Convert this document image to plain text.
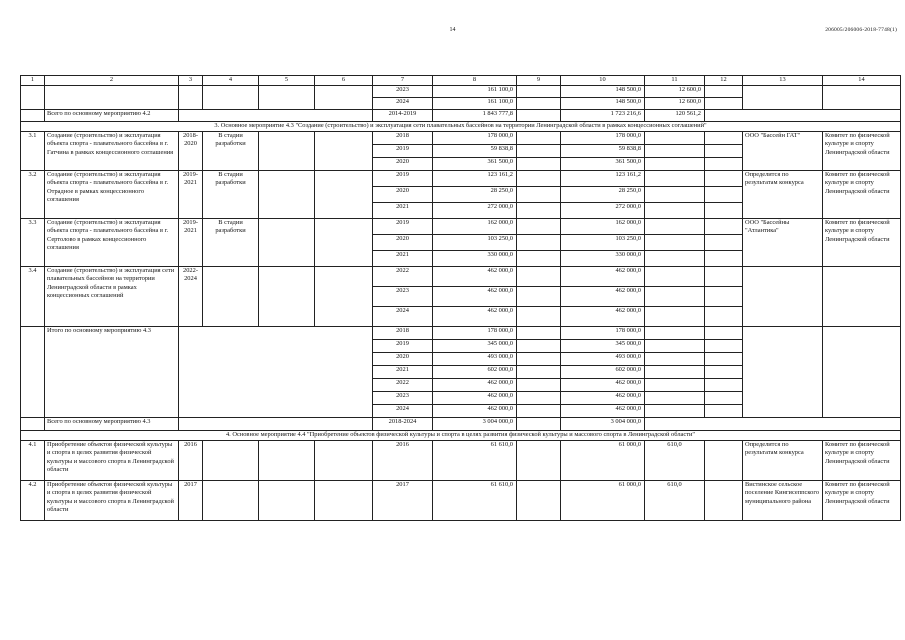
14	206005/206006-2018-7748(1)
1	2	3	4	5	6	7	8	9	10	11	12	13	14
						2023	161 100,0		148 500,0	12 600,0			
						2024	161 100,0		148 500,0	12 600,0			
	Всего по основному мероприятию 4.2					2014-2019	1 843 777,8		1 723 216,6	120 561,2			
3. Основное мероприятие 4.3 "Создание (строительство) и эксплуатация сети плавательных бассейнов на территории Ленинградской области в рамках концессионных соглашений"													
3.1	Создание (строительство) и эксплуатация объекта спорта - плавательного бассейна в г. Гатчина в рамках концессионного соглашения	2018-2020	В стадии разработки			2018	178 000,0		178 000,0			ООО "Бассейн ГАТ"	Комитет по физической культуре и спорту Ленинградской области
						2019	59 838,8		59 838,8				
						2020	361 500,0		361 500,0				
3.2	Создание (строительство) и эксплуатация объекта спорта - плавательного бассейна в г. Отрадное в рамках концессионного соглашения	2019-2021	В стадии разработки			2019	123 161,2		123 161,2			Определится по результатам конкурса	Комитет по физической культуре и спорту Ленинградской области
						2020	28 250,0		28 250,0				
						2021	272 000,0		272 000,0				
3.3	Создание (строительство) и эксплуатация объекта спорта - плавательного бассейна в г. Сертолово в рамках концессионного соглашения	2019-2021	В стадии разработки			2019	162 000,0		162 000,0			ООО "Бассейны "Атлантика"	Комитет по физической культуре и спорту Ленинградской области
						2020	103 250,0		103 250,0				
						2021	330 000,0		330 000,0				
3.4	Создание (строительство) и эксплуатация сети плавательных бассейнов на территории Ленинградской области в рамках концессионных соглашений	2022-2024				2022	462 000,0		462 000,0				
						2023	462 000,0		462 000,0				
						2024	462 000,0		462 000,0				
	Итого по основному мероприятию 4.3					2018	178 000,0		178 000,0				
						2019	345 000,0		345 000,0				
						2020	493 000,0		493 000,0				
						2021	602 000,0		602 000,0				
						2022	462 000,0		462 000,0				
						2023	462 000,0		462 000,0				
						2024	462 000,0		462 000,0				
	Всего по основному мероприятию 4.3					2018-2024	3 004 000,0		3 004 000,0				
4. Основное мероприятие 4.4 "Приобретение объектов физической культуры и спорта в целях развития физической культуры и массового спорта в Ленинградской области"													
4.1	Приобретение объектов физической культуры и спорта в целях развития физической культуры и массового спорта в Ленинградской области	2016				2016	61 610,0		61 000,0	610,0		Определится по результатам конкурса	Комитет по физической культуре и спорту Ленинградской области
4.2	Приобретение объектов физической культуры и спорта в целях развития физической культуры и массового спорта в Ленинградской области	2017				2017	61 610,0		61 000,0	610,0		Вистинское сельское поселение Кингисеппского муниципального района	Комитет по физической культуре и спорту Ленинградской области
